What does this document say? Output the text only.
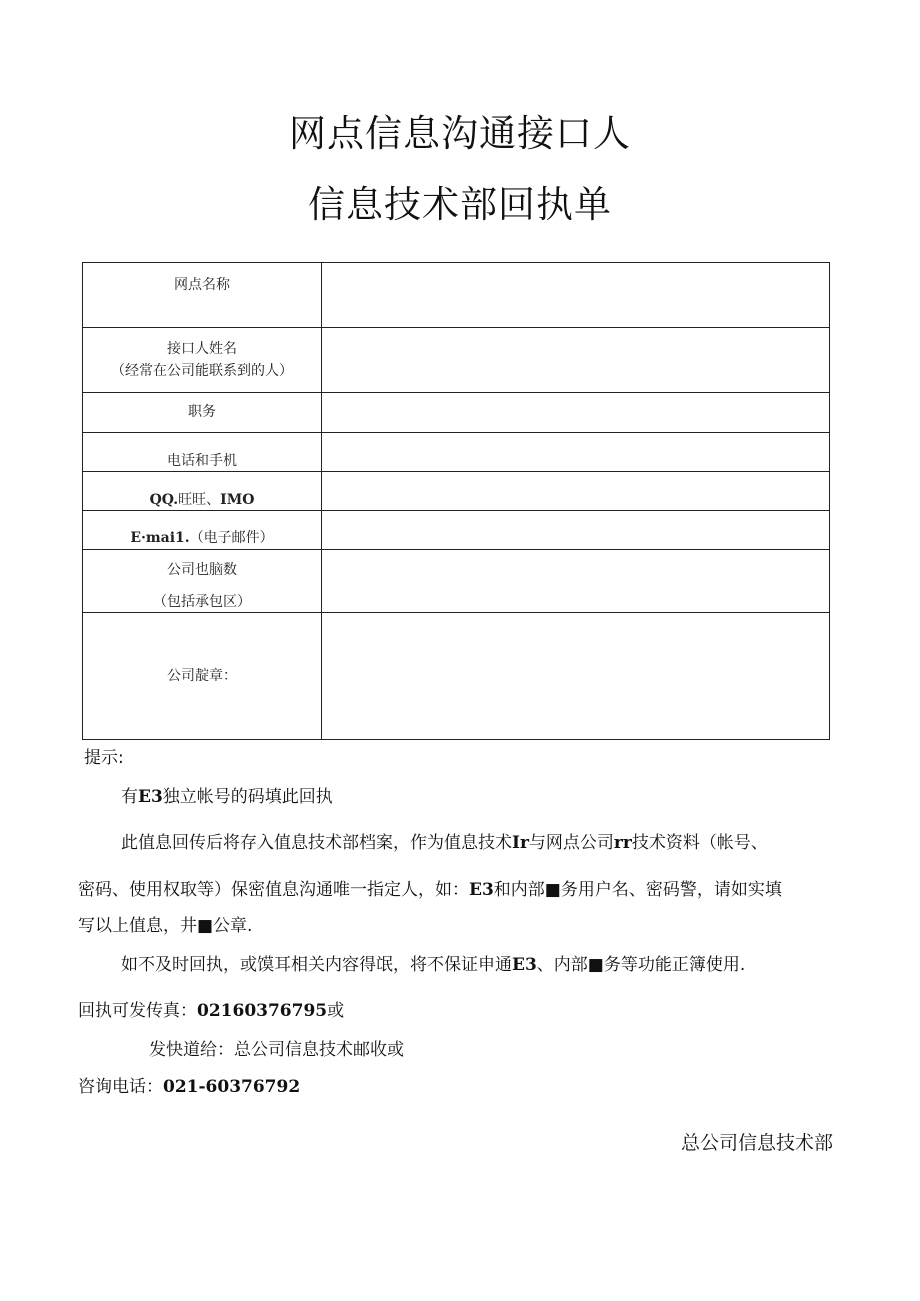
网点信息沟通接口人
信息技术部回执单
网点名称	

接口人姓名
（经常在公司能联系到的人）	

职务	

电话和手机	

QQ.旺旺、IMO	

E·mai1.（电子邮件）	

公司也脑数
（包括承包区）	

公司靛章：	

提示:
有E3独立帐号的码填此回执
此值息回传后将存入值息技术部档案，作为值息技术Ir与网点公司rr技术资料（帐号、
密码、使用权取等）保密值息沟通唯一指定人，如：E3和内部■务用户名、密码警，请如实填
写以上值息，井■公章.
如不及时回执，或馍耳相关内容得氓，将不保证申通E3、内部■务等功能正簿使用.
回执可发传真：02160376795或
发快道给：总公司信息技术邮收或
咨询电话：021-60376792
总公司信息技术部
